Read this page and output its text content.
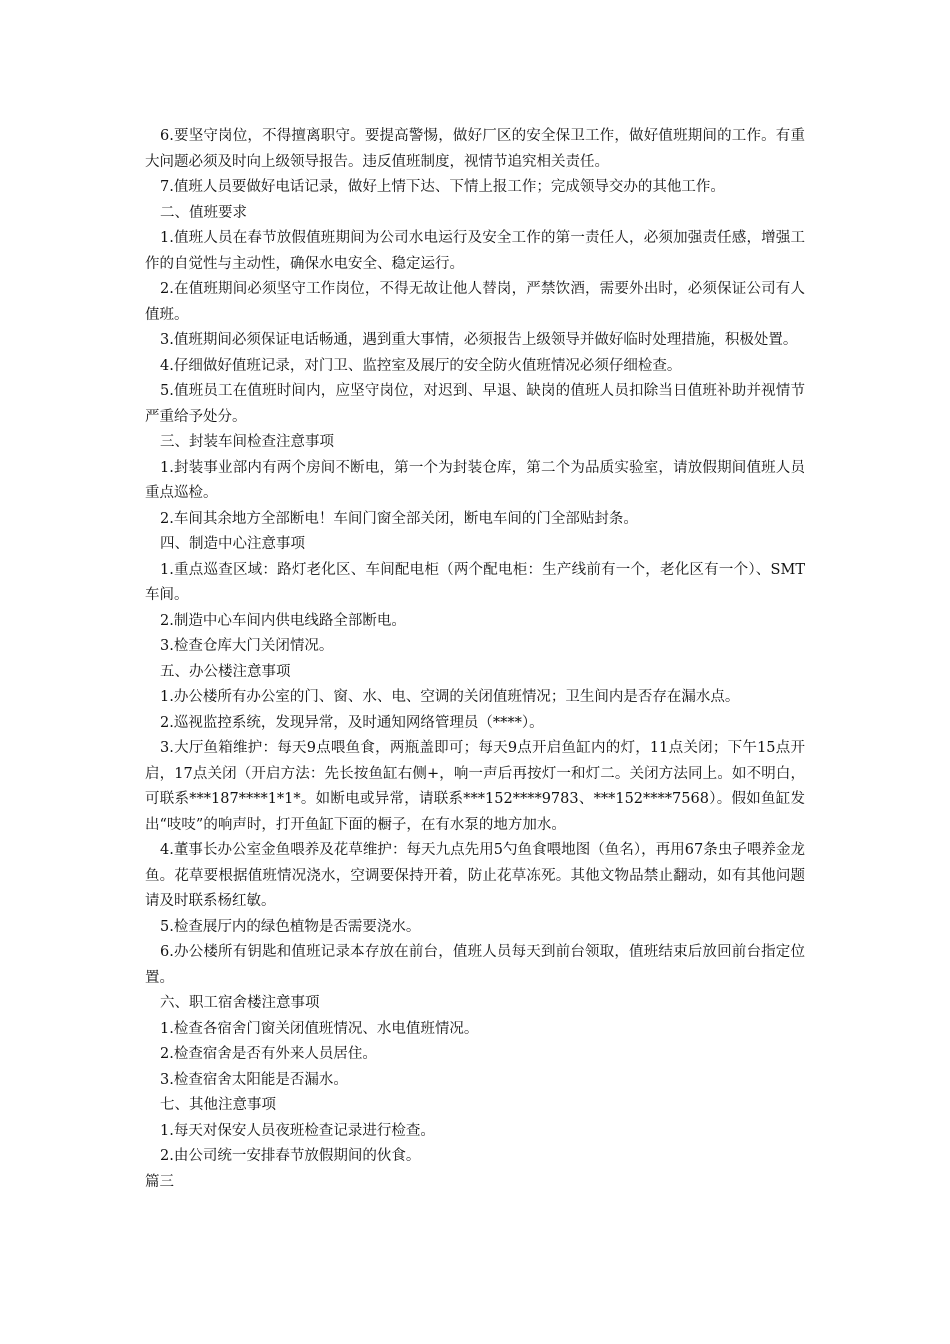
6.要坚守岗位，不得擅离职守。要提高警惕，做好厂区的安全保卫工作，做好值班期间的工作。有重大问题必须及时向上级领导报告。违反值班制度，视情节追究相关责任。

7.值班人员要做好电话记录，做好上情下达、下情上报工作；完成领导交办的其他工作。

二、值班要求

1.值班人员在春节放假值班期间为公司水电运行及安全工作的第一责任人，必须加强责任感，增强工作的自觉性与主动性，确保水电安全、稳定运行。

2.在值班期间必须坚守工作岗位，不得无故让他人替岗，严禁饮酒，需要外出时，必须保证公司有人值班。

3.值班期间必须保证电话畅通，遇到重大事情，必须报告上级领导并做好临时处理措施，积极处置。

4.仔细做好值班记录，对门卫、监控室及展厅的安全防火值班情况必须仔细检查。

5.值班员工在值班时间内，应坚守岗位，对迟到、早退、缺岗的值班人员扣除当日值班补助并视情节严重给予处分。

三、封装车间检查注意事项

1.封装事业部内有两个房间不断电，第一个为封装仓库，第二个为品质实验室，请放假期间值班人员重点巡检。

2.车间其余地方全部断电！车间门窗全部关闭，断电车间的门全部贴封条。

四、制造中心注意事项

1.重点巡查区域：路灯老化区、车间配电柜（两个配电柜：生产线前有一个，老化区有一个）、SMT车间。

2.制造中心车间内供电线路全部断电。

3.检查仓库大门关闭情况。

五、办公楼注意事项

1.办公楼所有办公室的门、窗、水、电、空调的关闭值班情况；卫生间内是否存在漏水点。

2.巡视监控系统，发现异常，及时通知网络管理员（****）。

3.大厅鱼箱维护：每天9点喂鱼食，两瓶盖即可；每天9点开启鱼缸内的灯，11点关闭；下午15点开启，17点关闭（开启方法：先长按鱼缸右侧+，响一声后再按灯一和灯二。关闭方法同上。如不明白，可联系***187****1*1*。如断电或异常，请联系***152****9783、***152****7568）。假如鱼缸发出“吱吱”的响声时，打开鱼缸下面的橱子，在有水泵的地方加水。

4.董事长办公室金鱼喂养及花草维护：每天九点先用5勺鱼食喂地图（鱼名），再用67条虫子喂养金龙鱼。花草要根据值班情况浇水，空调要保持开着，防止花草冻死。其他文物品禁止翻动，如有其他问题请及时联系杨红敏。

5.检查展厅内的绿色植物是否需要浇水。

6.办公楼所有钥匙和值班记录本存放在前台，值班人员每天到前台领取，值班结束后放回前台指定位置。

六、职工宿舍楼注意事项

1.检查各宿舍门窗关闭值班情况、水电值班情况。

2.检查宿舍是否有外来人员居住。

3.检查宿舍太阳能是否漏水。

七、其他注意事项

1.每天对保安人员夜班检查记录进行检查。

2.由公司统一安排春节放假期间的伙食。

篇三
